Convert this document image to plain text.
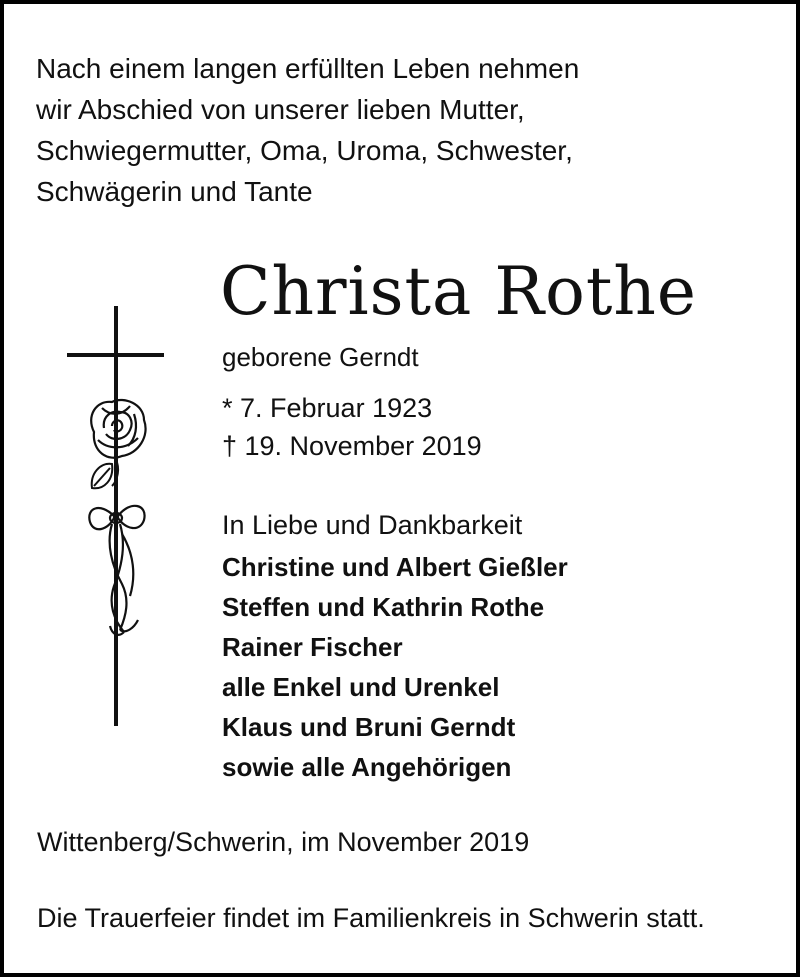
Nach einem langen erfüllten Leben nehmen
wir Abschied von unserer lieben Mutter,
Schwiegermutter, Oma, Uroma, Schwester,
Schwägerin und Tante
Christa Rothe
geborene Gerndt
* 7. Februar 1923
† 19. November 2019
In Liebe und Dankbarkeit
Christine und Albert Gießler
Steffen und Kathrin Rothe
Rainer Fischer
alle Enkel und Urenkel
Klaus und Bruni Gerndt
sowie alle Angehörigen
Wittenberg/Schwerin, im November 2019
Die Trauerfeier findet im Familienkreis in Schwerin statt.
